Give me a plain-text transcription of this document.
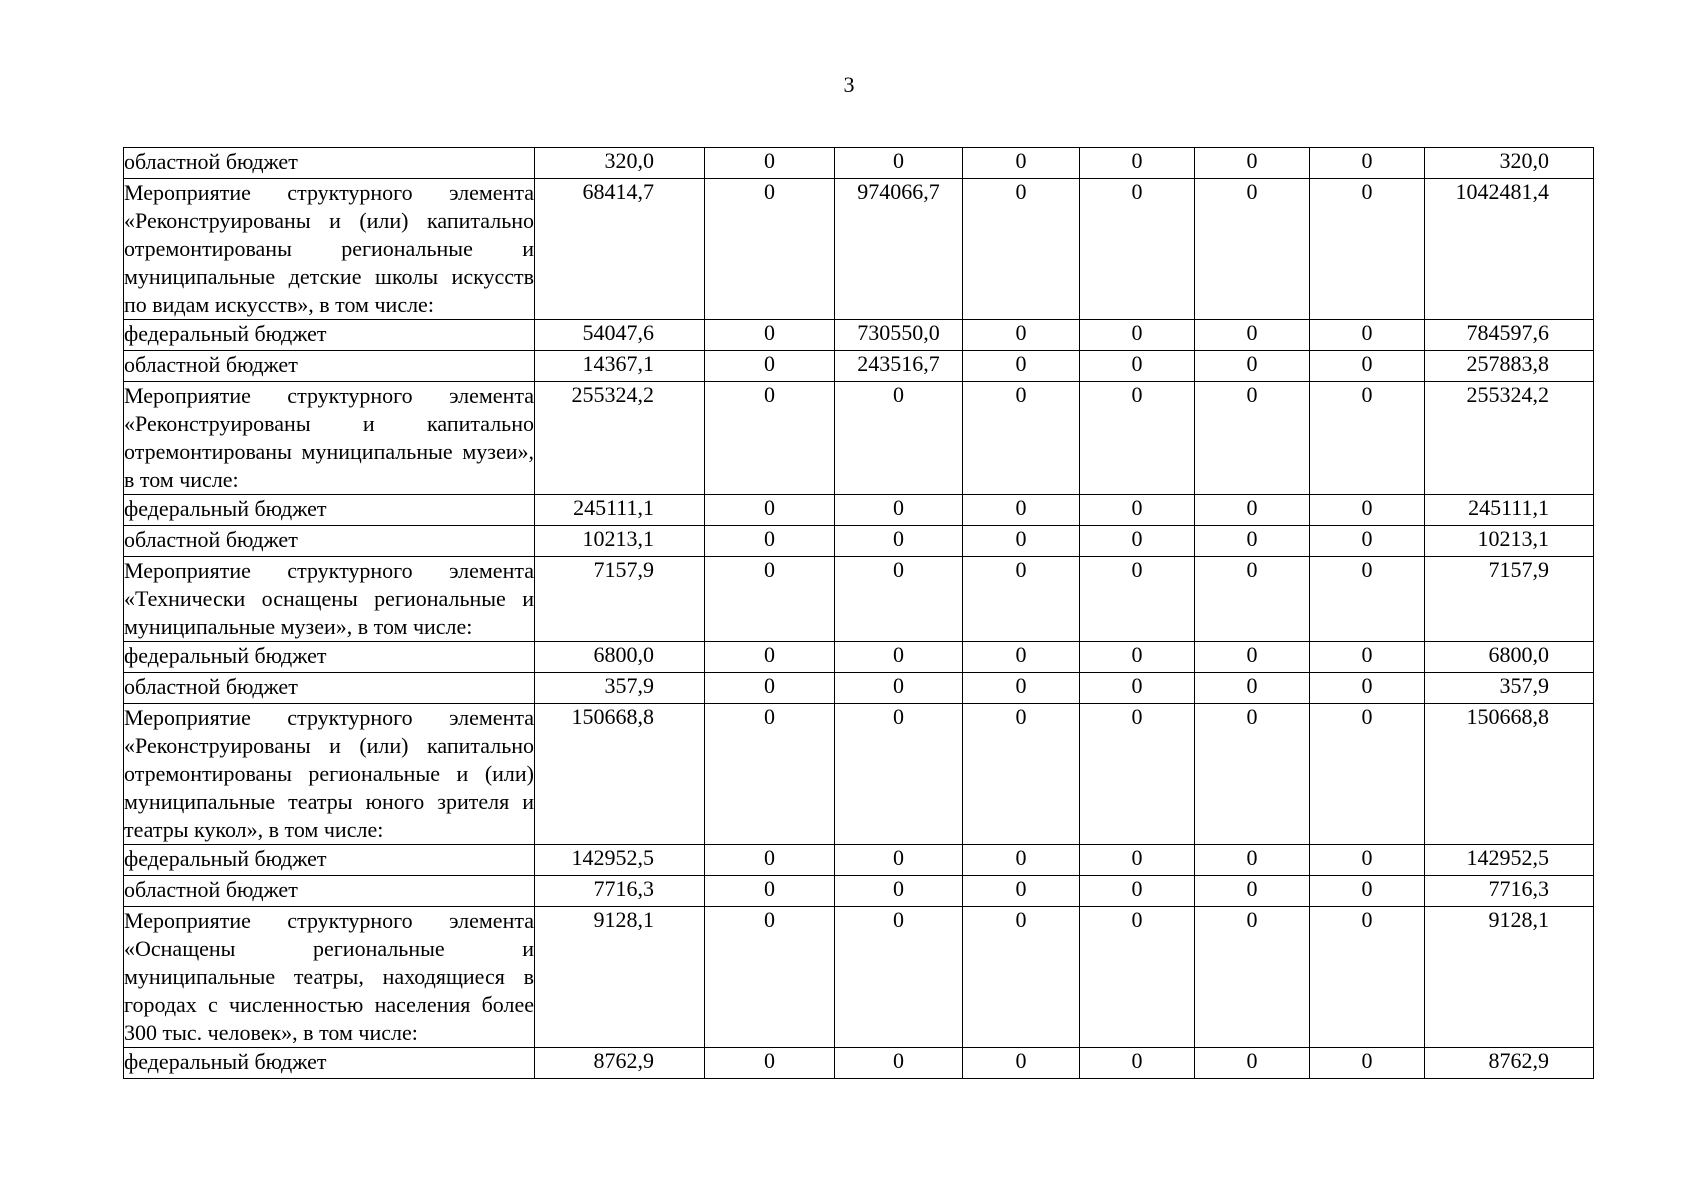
3
областной бюджет	320,0	0	0	0	0	0	0	320,0
Мероприятие структурного элемента «Реконструированы и (или) капитально отремонтированы региональные и муниципальные детские школы искусств по видам искусств», в том числе:	68414,7	0	974066,7	0	0	0	0	1042481,4
федеральный бюджет	54047,6	0	730550,0	0	0	0	0	784597,6
областной бюджет	14367,1	0	243516,7	0	0	0	0	257883,8
Мероприятие структурного элемента «Реконструированы и капитально отремонтированы муниципальные музеи», в том числе:	255324,2	0	0	0	0	0	0	255324,2
федеральный бюджет	245111,1	0	0	0	0	0	0	245111,1
областной бюджет	10213,1	0	0	0	0	0	0	10213,1
Мероприятие структурного элемента «Технически оснащены региональные и муниципальные музеи», в том числе:	7157,9	0	0	0	0	0	0	7157,9
федеральный бюджет	6800,0	0	0	0	0	0	0	6800,0
областной бюджет	357,9	0	0	0	0	0	0	357,9
Мероприятие структурного элемента «Реконструированы и (или) капитально отремонтированы региональные и (или) муниципальные театры юного зрителя и театры кукол», в том числе:	150668,8	0	0	0	0	0	0	150668,8
федеральный бюджет	142952,5	0	0	0	0	0	0	142952,5
областной бюджет	7716,3	0	0	0	0	0	0	7716,3
Мероприятие структурного элемента «Оснащены региональные и муниципальные театры, находящиеся в городах с численностью населения более 300 тыс. человек», в том числе:	9128,1	0	0	0	0	0	0	9128,1
федеральный бюджет	8762,9	0	0	0	0	0	0	8762,9
